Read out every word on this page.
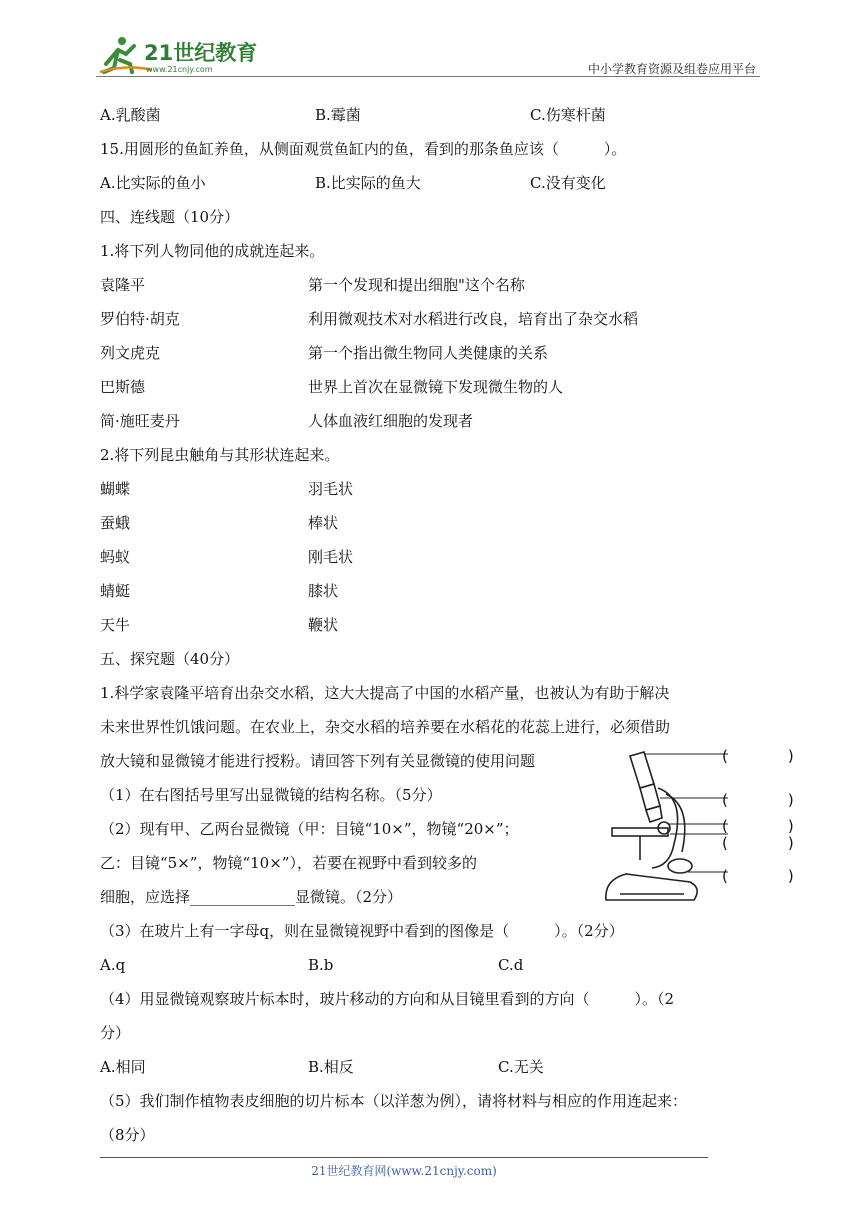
21世纪教育
www.21cnjy.com	中小学教育资源及组卷应用平台
A.乳酸菌	B.霉菌	C.伤寒杆菌
15.用圆形的鱼缸养鱼，从侧面观赏鱼缸内的鱼，看到的那条鱼应该（　　　）。
A.比实际的鱼小	B.比实际的鱼大	C.没有变化
四、连线题（10分）
1.将下列人物同他的成就连起来。
袁隆平	第一个发现和提出细胞"这个名称
罗伯特·胡克	利用微观技术对水稻进行改良，培育出了杂交水稻
列文虎克	第一个指出微生物同人类健康的关系
巴斯德	世界上首次在显微镜下发现微生物的人
简·施旺麦丹	人体血液红细胞的发现者
2.将下列昆虫触角与其形状连起来。
蝴蝶	羽毛状
蚕蛾	棒状
蚂蚁	刚毛状
蜻蜓	膝状
天牛	鞭状
五、探究题（40分）
1.科学家袁隆平培育出杂交水稻，这大大提高了中国的水稻产量，也被认为有助于解决
未来世界性饥饿问题。在农业上，杂交水稻的培养要在水稻花的花蕊上进行，必须借助
放大镜和显微镜才能进行授粉。请回答下列有关显微镜的使用问题
（1）在右图括号里写出显微镜的结构名称。（5分）
（2）现有甲、乙两台显微镜（甲：目镜“10×”，物镜“20×”；
乙：目镜“5×”，物镜“10×”），若要在视野中看到较多的
细胞，应选择______________显微镜。（2分）
（3）在玻片上有一字母q，则在显微镜视野中看到的图像是（　　　）。（2分）
A.q	B.b	C.d
（4）用显微镜观察玻片标本时，玻片移动的方向和从目镜里看到的方向（　　　）。（2
分）
A.相同	B.相反	C.无关
（5）我们制作植物表皮细胞的切片标本（以洋葱为例），请将材料与相应的作用连起来：
（8分）
(　　　　)
(　　　　)
(　　　　)
(　　　　)
(　　　　)
21世纪教育网(www.21cnjy.com)
